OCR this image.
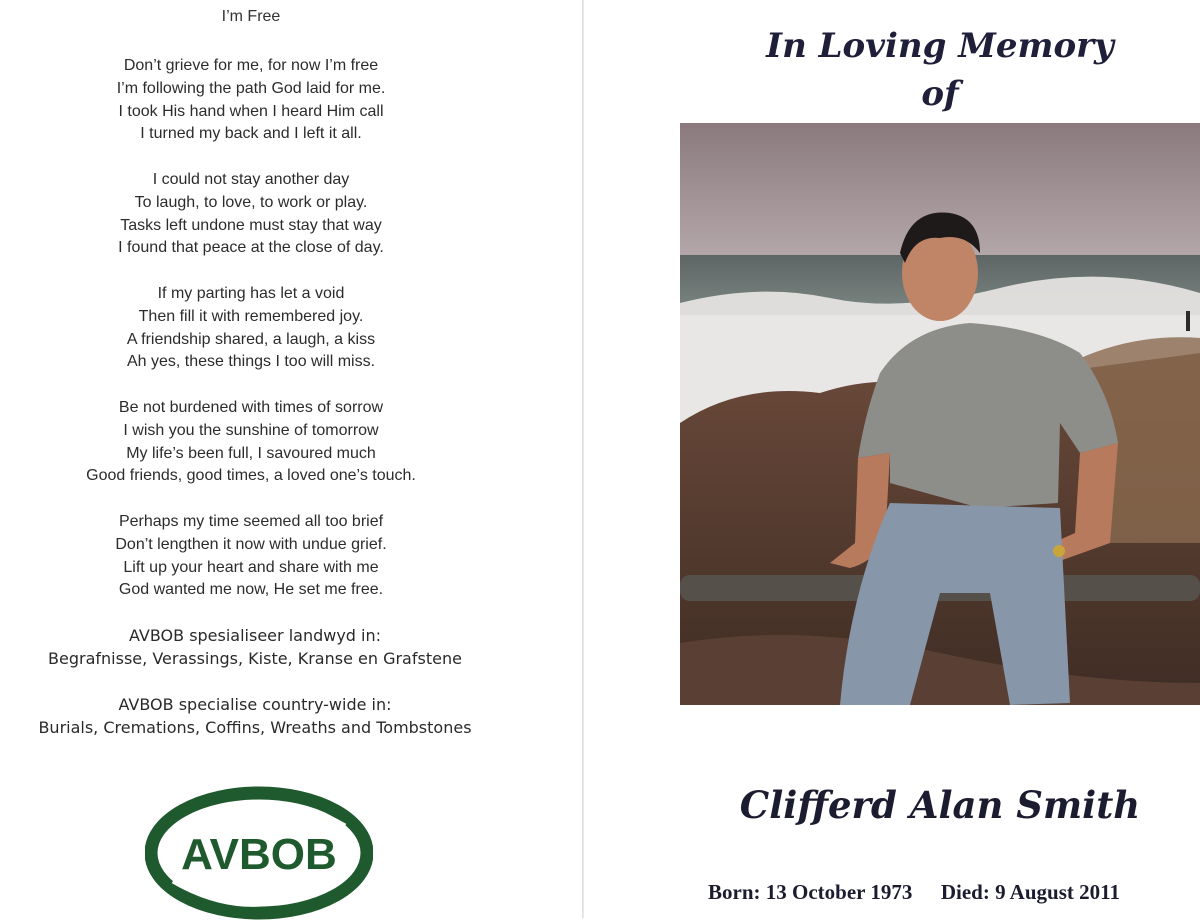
I’m Free
Don’t grieve for me, for now I’m free
I’m following the path God laid for me.
I took His hand when I heard Him call
I turned my back and I left it all.
I could not stay another day
To laugh, to love, to work or play.
Tasks left undone must stay that way
I found that peace at the close of day.
If my parting has let a void
Then fill it with remembered joy.
A friendship shared, a laugh, a kiss
Ah yes, these things I too will miss.
Be not burdened with times of sorrow
I wish you the sunshine of tomorrow
My life’s been full, I savoured much
Good friends, good times, a loved one’s touch.
Perhaps my time seemed all too brief
Don’t lengthen it now with undue grief.
Lift up your heart and share with me
God wanted me now, He set me free.
AVBOB spesialiseer landwyd in:
Begrafnisse, Verassings, Kiste, Kranse en Grafstene
AVBOB specialise country-wide in:
Burials, Cremations, Coffins, Wreaths and Tombstones
AVBOB
In Loving Memory
of
Clifferd Alan Smith
Born: 13 October 1973 Died: 9 August 2011
